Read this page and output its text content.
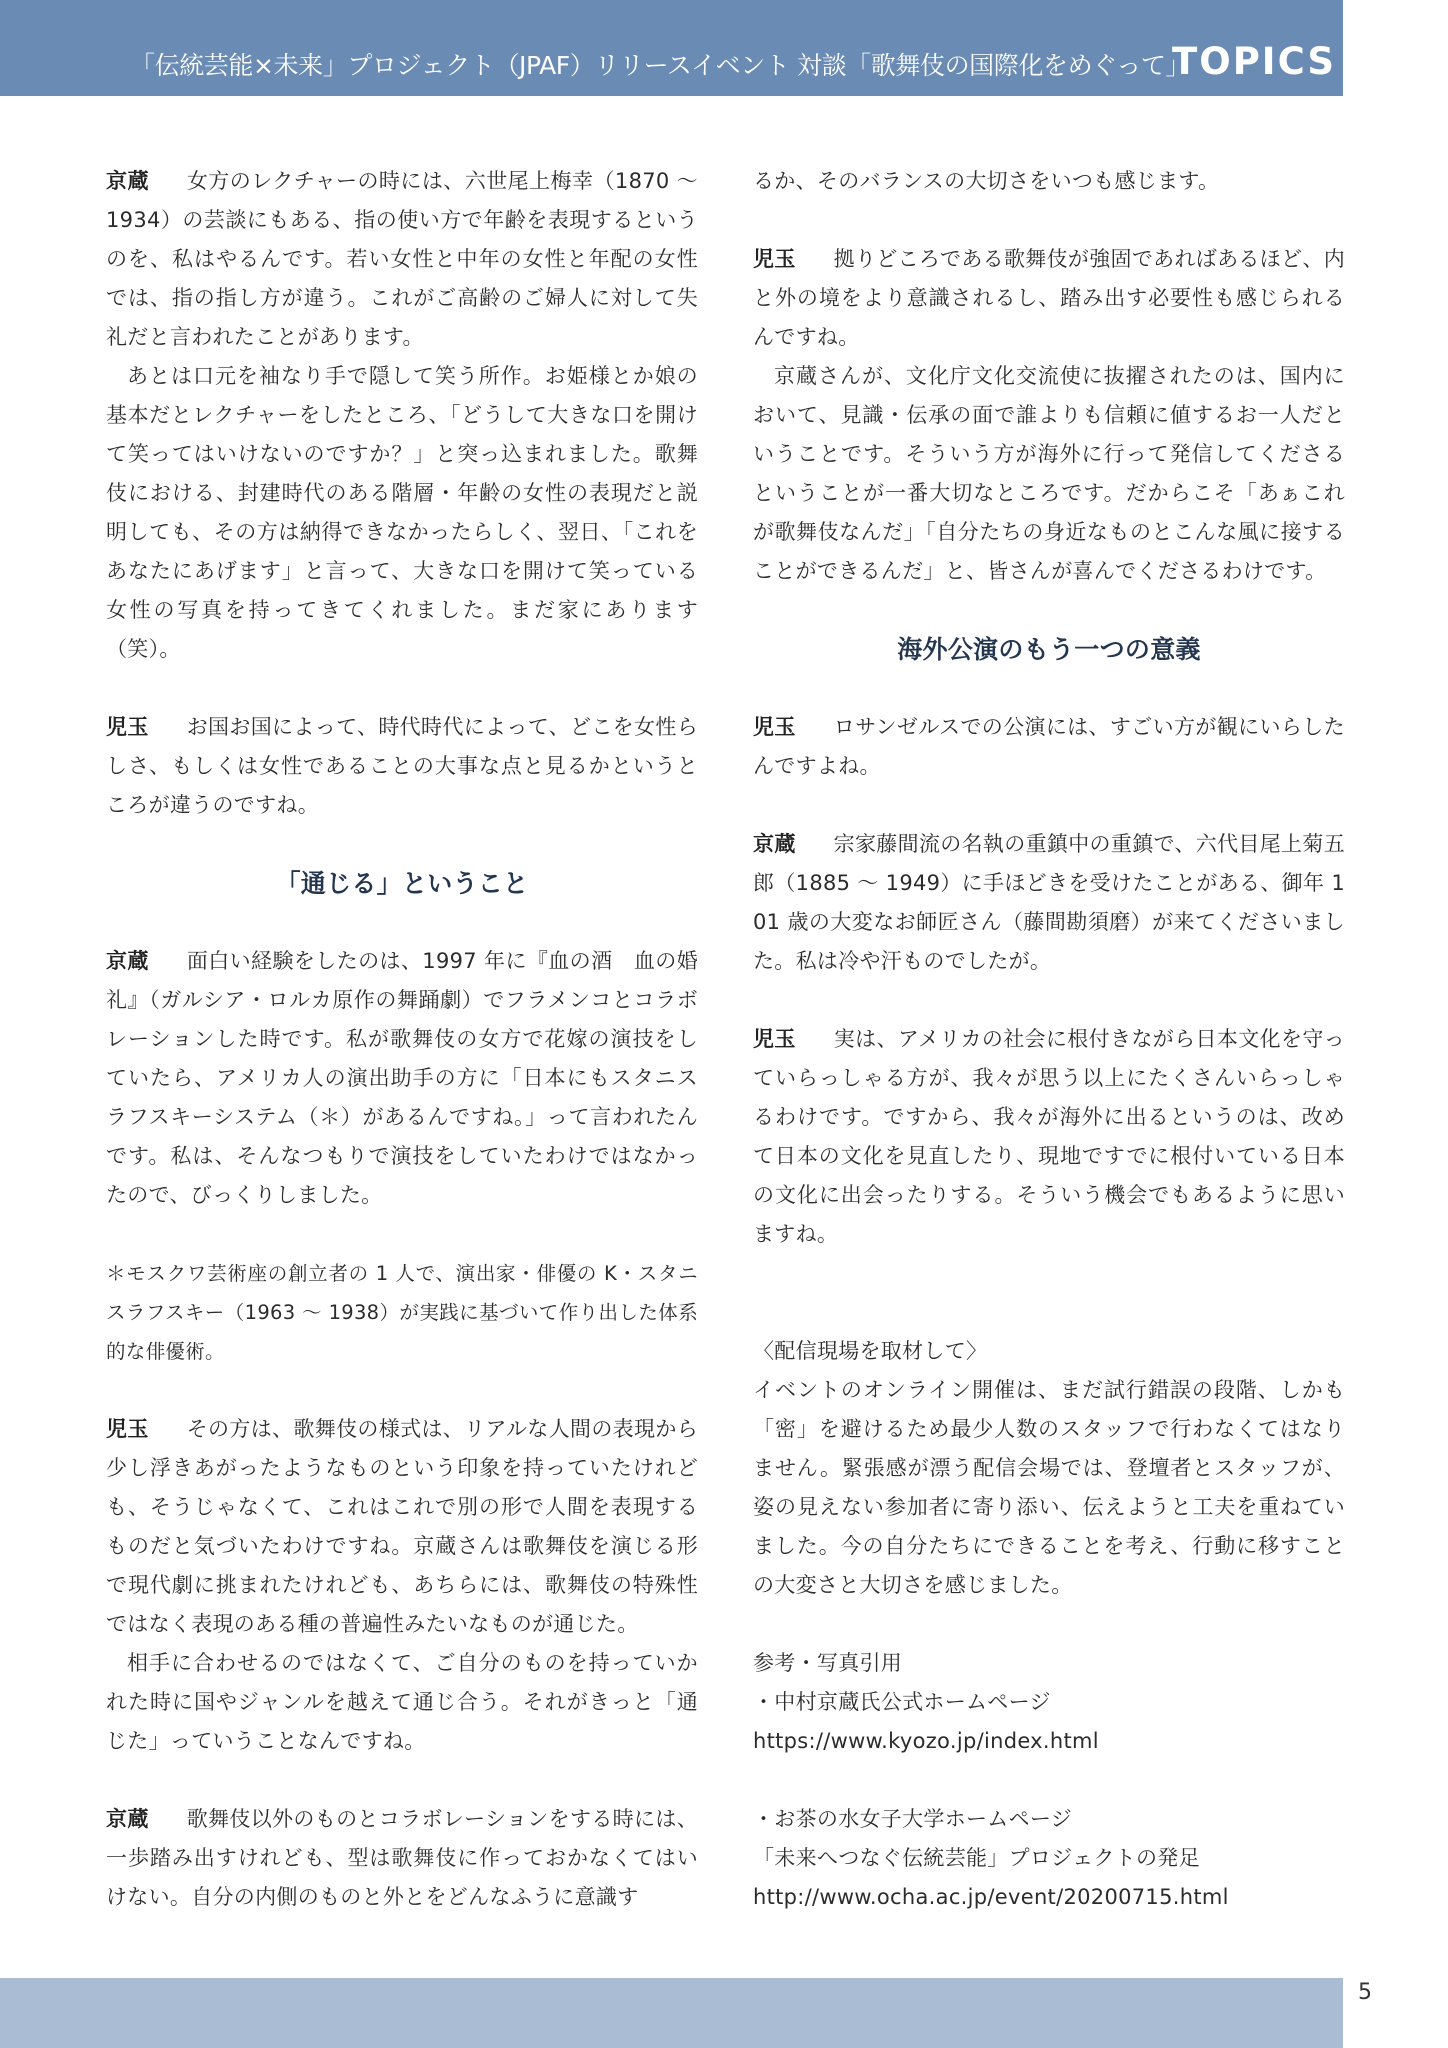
「伝統芸能×未来」プロジェクト（JPAF）リリースイベント 対談「歌舞伎の国際化をめぐって」
TOPICS

京蔵 女方のレクチャーの時には、六世尾上梅幸（1870 ～ 1934）の芸談にもある、指の使い方で年齢を表現するというのを、私はやるんです。若い女性と中年の女性と年配の女性では、指の指し方が違う。これがご高齢のご婦人に対して失礼だと言われたことがあります。

あとは口元を袖なり手で隠して笑う所作。お姫様とか娘の基本だとレクチャーをしたところ、「どうして大きな口を開けて笑ってはいけないのですか？」と突っ込まれました。歌舞伎における、封建時代のある階層・年齢の女性の表現だと説明しても、その方は納得できなかったらしく、翌日、「これをあなたにあげます」と言って、大きな口を開けて笑っている女性の写真を持ってきてくれました。まだ家にあります（笑）。

児玉 お国お国によって、時代時代によって、どこを女性らしさ、もしくは女性であることの大事な点と見るかというところが違うのですね。

「通じる」ということ

京蔵 面白い経験をしたのは、1997 年に『血の酒　血の婚礼』（ガルシア・ロルカ原作の舞踊劇）でフラメンコとコラボレーションした時です。私が歌舞伎の女方で花嫁の演技をしていたら、アメリカ人の演出助手の方に「日本にもスタニスラフスキーシステム（＊）があるんですね。」って言われたんです。私は、そんなつもりで演技をしていたわけではなかったので、びっくりしました。

＊モスクワ芸術座の創立者の 1 人で、演出家・俳優の K・スタニスラフスキー（1963 ～ 1938）が実践に基づいて作り出した体系的な俳優術。

児玉 その方は、歌舞伎の様式は、リアルな人間の表現から少し浮きあがったようなものという印象を持っていたけれども、そうじゃなくて、これはこれで別の形で人間を表現するものだと気づいたわけですね。京蔵さんは歌舞伎を演じる形で現代劇に挑まれたけれども、あちらには、歌舞伎の特殊性ではなく表現のある種の普遍性みたいなものが通じた。

相手に合わせるのではなくて、ご自分のものを持っていかれた時に国やジャンルを越えて通じ合う。それがきっと「通じた」っていうことなんですね。

京蔵 歌舞伎以外のものとコラボレーションをする時には、一歩踏み出すけれども、型は歌舞伎に作っておかなくてはいけない。自分の内側のものと外とをどんなふうに意識す

るか、そのバランスの大切さをいつも感じます。

児玉 拠りどころである歌舞伎が強固であればあるほど、内と外の境をより意識されるし、踏み出す必要性も感じられるんですね。

京蔵さんが、文化庁文化交流使に抜擢されたのは、国内において、見識・伝承の面で誰よりも信頼に値するお一人だということです。そういう方が海外に行って発信してくださるということが一番大切なところです。だからこそ「あぁこれが歌舞伎なんだ」「自分たちの身近なものとこんな風に接することができるんだ」と、皆さんが喜んでくださるわけです。

海外公演のもう一つの意義

児玉 ロサンゼルスでの公演には、すごい方が観にいらしたんですよね。

京蔵 宗家藤間流の名執の重鎮中の重鎮で、六代目尾上菊五郎（1885 ～ 1949）に手ほどきを受けたことがある、御年 101 歳の大変なお師匠さん（藤間勘須磨）が来てくださいました。私は冷や汗ものでしたが。

児玉 実は、アメリカの社会に根付きながら日本文化を守っていらっしゃる方が、我々が思う以上にたくさんいらっしゃるわけです。ですから、我々が海外に出るというのは、改めて日本の文化を見直したり、現地ですでに根付いている日本の文化に出会ったりする。そういう機会でもあるように思いますね。

〈配信現場を取材して〉

イベントのオンライン開催は、まだ試行錯誤の段階、しかも「密」を避けるため最少人数のスタッフで行わなくてはなりません。緊張感が漂う配信会場では、登壇者とスタッフが、姿の見えない参加者に寄り添い、伝えようと工夫を重ねていました。今の自分たちにできることを考え、行動に移すことの大変さと大切さを感じました。

参考・写真引用

・中村京蔵氏公式ホームページ

https://www.kyozo.jp/index.html

・お茶の水女子大学ホームページ

「未来へつなぐ伝統芸能」プロジェクトの発足

http://www.ocha.ac.jp/event/20200715.html

5
